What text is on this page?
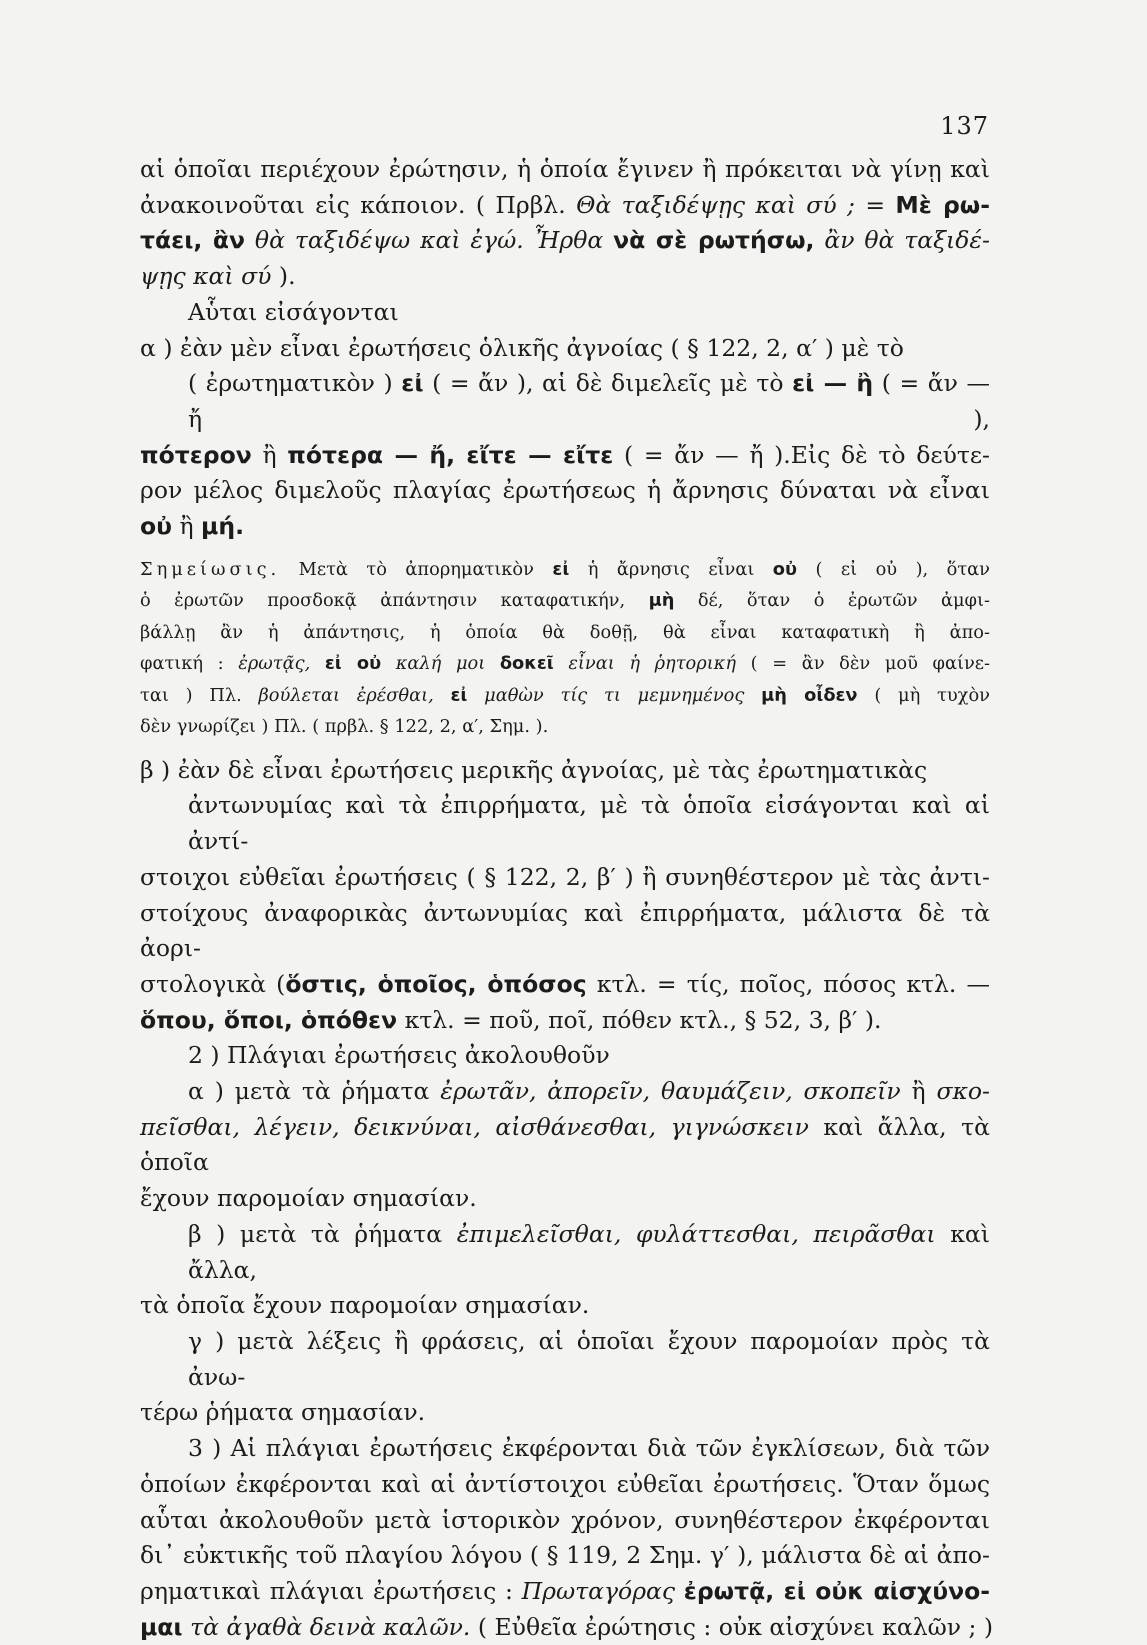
137
αἱ ὁποῖαι περιέχουν ἐρώτησιν, ἡ ὁποία ἔγινεν ἢ πρόκειται νὰ γίνῃ καὶ
ἀνακοινοῦται εἰς κάποιον. ( Πρβλ. Θὰ ταξιδέψῃς καὶ σύ ; = Μὲ ρω-
τάει, ἂν θὰ ταξιδέψω καὶ ἐγώ. Ἦρθα νὰ σὲ ρωτήσω, ἂν θὰ ταξιδέ-
ψῃς καὶ σύ ).
Αὗται εἰσάγονται
α ) ἐὰν μὲν εἶναι ἐρωτήσεις ὁλικῆς ἀγνοίας ( § 122, 2, α′ ) μὲ τὸ
( ἐρωτηματικὸν ) εἰ ( = ἄν ), αἱ δὲ διμελεῖς μὲ τὸ εἰ — ἢ ( = ἄν — ἤ ),
πότερον ἢ πότερα — ἤ, εἴτε — εἴτε ( = ἄν — ἤ ).Εἰς δὲ τὸ δεύτε-
ρον μέλος διμελοῦς πλαγίας ἐρωτήσεως ἡ ἄρνησις δύναται νὰ εἶναι
οὐ ἢ μή.
Σημείωσις. Μετὰ τὸ ἀπορηματικὸν εἰ ἡ ἄρνησις εἶναι οὐ ( εἰ οὐ ), ὅταν
ὁ ἐρωτῶν προσδοκᾷ ἀπάντησιν καταφατικήν, μὴ δέ, ὅταν ὁ ἐρωτῶν ἀμφι-
βάλλῃ ἂν ἡ ἀπάντησις, ἡ ὁποία θὰ δοθῇ, θὰ εἶναι καταφατικὴ ἢ ἀπο-
φατική : ἐρωτᾷς, εἰ οὐ καλή μοι δοκεῖ εἶναι ἡ ῥητορική ( = ἂν δὲν μοῦ φαίνε-
ται ) Πλ. βούλεται ἐρέσθαι, εἰ μαθὼν τίς τι μεμνημένος μὴ οἶδεν ( μὴ τυχὸν
δὲν γνωρίζει ) Πλ. ( πρβλ. § 122, 2, α′, Σημ. ).
β ) ἐὰν δὲ εἶναι ἐρωτήσεις μερικῆς ἀγνοίας, μὲ τὰς ἐρωτηματικὰς
ἀντωνυμίας καὶ τὰ ἐπιρρήματα, μὲ τὰ ὁποῖα εἰσάγονται καὶ αἱ ἀντί-
στοιχοι εὐθεῖαι ἐρωτήσεις ( § 122, 2, β′ ) ἢ συνηθέστερον μὲ τὰς ἀντι-
στοίχους ἀναφορικὰς ἀντωνυμίας καὶ ἐπιρρήματα, μάλιστα δὲ τὰ ἀορι-
στολογικὰ (ὅστις, ὁποῖος, ὁπόσος κτλ. = τίς, ποῖος, πόσος κτλ. —
ὅπου, ὅποι, ὁπόθεν κτλ. = ποῦ, ποῖ, πόθεν κτλ., § 52, 3, β′ ).
2 ) Πλάγιαι ἐρωτήσεις ἀκολουθοῦν
α ) μετὰ τὰ ῥήματα ἐρωτᾶν, ἀπορεῖν, θαυμάζειν, σκοπεῖν ἢ σκο-
πεῖσθαι, λέγειν, δεικνύναι, αἰσθάνεσθαι, γιγνώσκειν καὶ ἄλλα, τὰ ὁποῖα
ἔχουν παρομοίαν σημασίαν.
β ) μετὰ τὰ ῥήματα ἐπιμελεῖσθαι, φυλάττεσθαι, πειρᾶσθαι καὶ ἄλλα,
τὰ ὁποῖα ἔχουν παρομοίαν σημασίαν.
γ ) μετὰ λέξεις ἢ φράσεις, αἱ ὁποῖαι ἔχουν παρομοίαν πρὸς τὰ ἀνω-
τέρω ῥήματα σημασίαν.
3 ) Αἱ πλάγιαι ἐρωτήσεις ἐκφέρονται διὰ τῶν ἐγκλίσεων, διὰ τῶν
ὁποίων ἐκφέρονται καὶ αἱ ἀντίστοιχοι εὐθεῖαι ἐρωτήσεις. Ὅταν ὅμως
αὗται ἀκολουθοῦν μετὰ ἱστορικὸν χρόνον, συνηθέστερον ἐκφέρονται
δι᾽ εὐκτικῆς τοῦ πλαγίου λόγου ( § 119, 2 Σημ. γ′ ), μάλιστα δὲ αἱ ἀπο-
ρηματικαὶ πλάγιαι ἐρωτήσεις : Πρωταγόρας ἐρωτᾷ, εἰ οὐκ αἰσχύνο-
μαι τὰ ἀγαθὰ δεινὰ καλῶν. ( Εὐθεῖα ἐρώτησις : οὐκ αἰσχύνει καλῶν ; )
